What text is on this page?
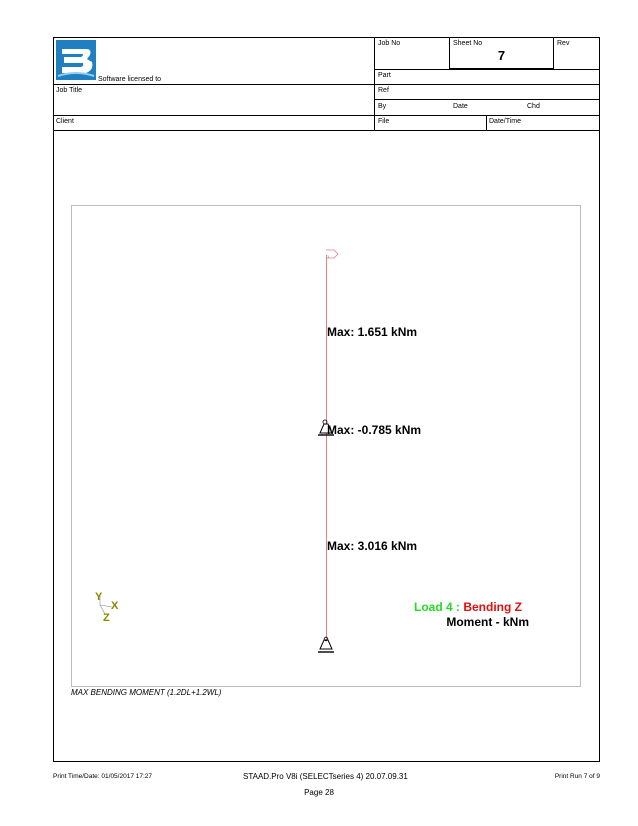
7
Software licensed to
Job No	Sheet No	Rev
Part
Job Title	Ref
By	Date	Chd
Client	File	Date/Time
1
Y
X
Z
Max: 1.651 kNm
Max: -0.785 kNm
Max: 3.016 kNm
Load 4 : Bending Z
Moment - kNm
MAX BENDING MOMENT (1.2DL+1.2WL)
Print Time/Date: 01/05/2017 17:27	STAAD.Pro V8i (SELECTseries 4) 20.07.09.31	Print Run 7 of 9
Page 28
